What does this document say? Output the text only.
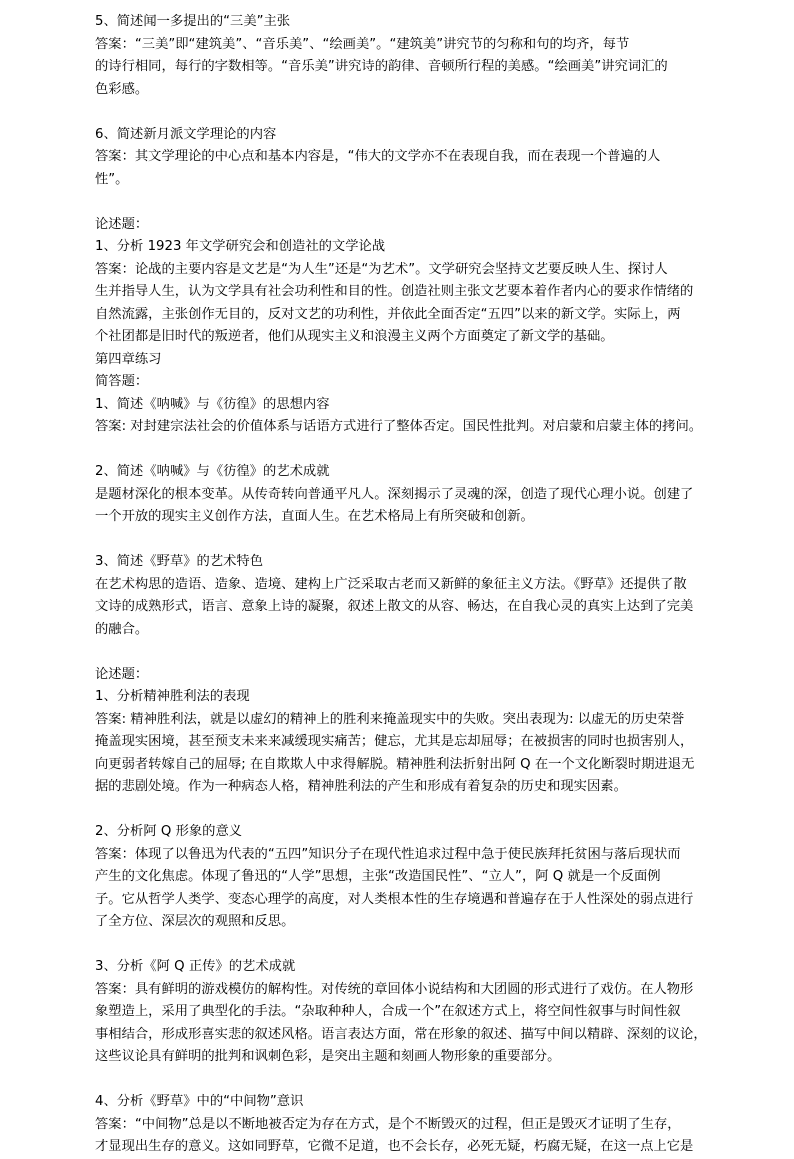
5、简述闻一多提出的“三美”主张
答案：“三美”即“建筑美”、“音乐美”、“绘画美”。“建筑美”讲究节的匀称和句的均齐，每节
的诗行相同，每行的字数相等。“音乐美”讲究诗的韵律、音顿所行程的美感。“绘画美”讲究词汇的
色彩感。
6、简述新月派文学理论的内容
答案：其文学理论的中心点和基本内容是，“伟大的文学亦不在表现自我，而在表现一个普遍的人
性”。
论述题：
1、分析 1923 年文学研究会和创造社的文学论战
答案：论战的主要内容是文艺是“为人生”还是“为艺术”。文学研究会坚持文艺要反映人生、探讨人
生并指导人生，认为文学具有社会功利性和目的性。创造社则主张文艺要本着作者内心的要求作情绪的
自然流露，主张创作无目的，反对文艺的功利性，并依此全面否定“五四”以来的新文学。实际上，两
个社团都是旧时代的叛逆者，他们从现实主义和浪漫主义两个方面奠定了新文学的基础。
第四章练习
简答题：
1、简述《呐喊》与《彷徨》的思想内容
答案: 对封建宗法社会的价值体系与话语方式进行了整体否定。国民性批判。对启蒙和启蒙主体的拷问。
2、简述《呐喊》与《彷徨》的艺术成就
是题材深化的根本变革。从传奇转向普通平凡人。深刻揭示了灵魂的深，创造了现代心理小说。创建了
一个开放的现实主义创作方法，直面人生。在艺术格局上有所突破和创新。
3、简述《野草》的艺术特色
在艺术构思的造语、造象、造境、建构上广泛采取古老而又新鲜的象征主义方法。《野草》还提供了散
文诗的成熟形式，语言、意象上诗的凝聚，叙述上散文的从容、畅达，在自我心灵的真实上达到了完美
的融合。
论述题：
1、分析精神胜利法的表现
答案: 精神胜利法，就是以虚幻的精神上的胜利来掩盖现实中的失败。突出表现为: 以虚无的历史荣誉
掩盖现实困境，甚至预支未来来减缓现实痛苦；健忘，尤其是忘却屈辱；在被损害的同时也损害别人，
向更弱者转嫁自己的屈辱; 在自欺欺人中求得解脱。精神胜利法折射出阿 Q 在一个文化断裂时期进退无
据的悲剧处境。作为一种病态人格，精神胜利法的产生和形成有着复杂的历史和现实因素。
2、分析阿 Q 形象的意义
答案：体现了以鲁迅为代表的“五四”知识分子在现代性追求过程中急于使民族拜托贫困与落后现状而
产生的文化焦虑。体现了鲁迅的“人学”思想，主张“改造国民性”、“立人”，阿 Q 就是一个反面例
子。它从哲学人类学、变态心理学的高度，对人类根本性的生存境遇和普遍存在于人性深处的弱点进行
了全方位、深层次的观照和反思。
3、分析《阿 Q 正传》的艺术成就
答案：具有鲜明的游戏模仿的解构性。对传统的章回体小说结构和大团圆的形式进行了戏仿。在人物形
象塑造上，采用了典型化的手法。“杂取种种人，合成一个”在叙述方式上，将空间性叙事与时间性叙
事相结合，形成形喜实悲的叙述风格。语言表达方面，常在形象的叙述、描写中间以精辟、深刻的议论，
这些议论具有鲜明的批判和讽刺色彩，是突出主题和刻画人物形象的重要部分。
4、分析《野草》中的“中间物”意识
答案：“中间物”总是以不断地被否定为存在方式，是个不断毁灭的过程，但正是毁灭才证明了生存，
才显现出生存的意义。这如同野草，它微不足道，也不会长存，必死无疑，朽腐无疑，在这一点上它是
